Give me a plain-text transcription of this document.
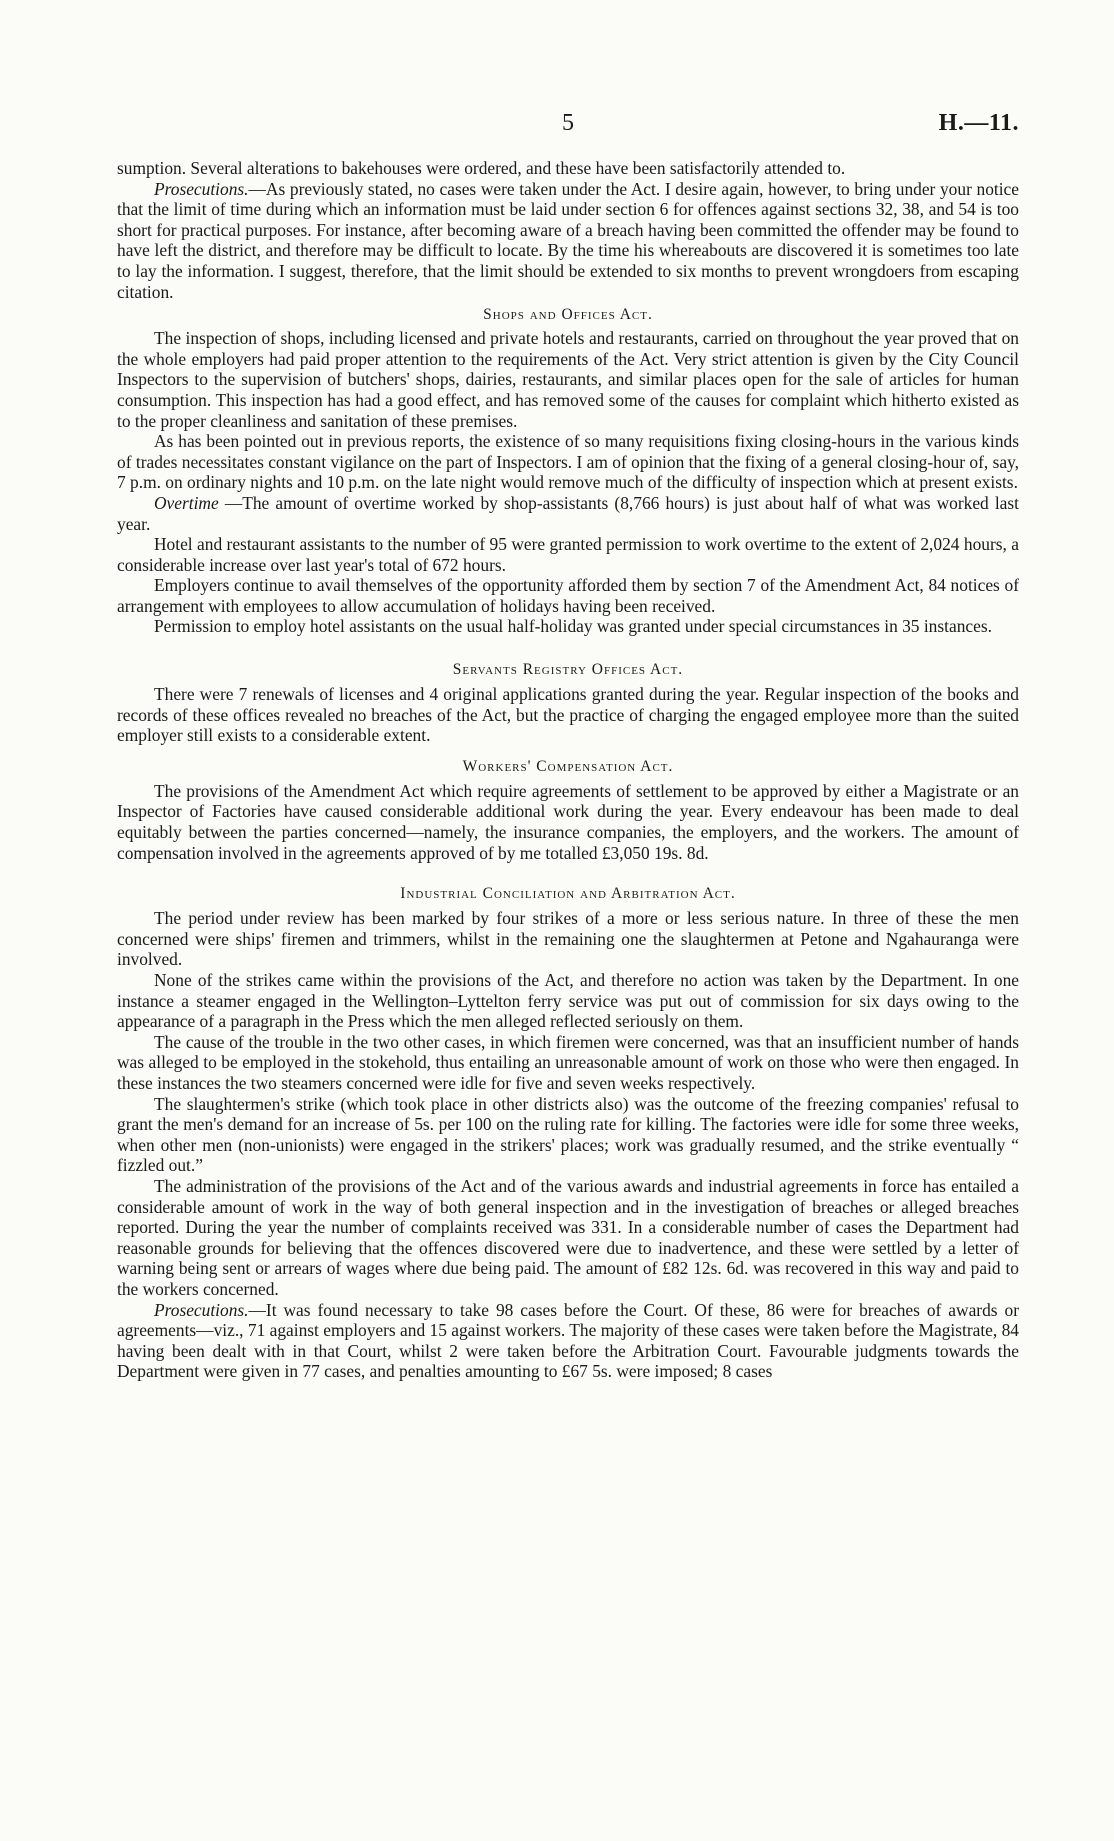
5	H.—11.

sumption. Several alterations to bakehouses were ordered, and these have been satisfactorily attended to.

Prosecutions.—As previously stated, no cases were taken under the Act. I desire again, however, to bring under your notice that the limit of time during which an information must be laid under section 6 for offences against sections 32, 38, and 54 is too short for practical purposes. For instance, after becoming aware of a breach having been committed the offender may be found to have left the district, and therefore may be difficult to locate. By the time his whereabouts are discovered it is sometimes too late to lay the information. I suggest, therefore, that the limit should be extended to six months to prevent wrongdoers from escaping citation.

Shops and Offices Act.

The inspection of shops, including licensed and private hotels and restaurants, carried on throughout the year proved that on the whole employers had paid proper attention to the requirements of the Act. Very strict attention is given by the City Council Inspectors to the supervision of butchers' shops, dairies, restaurants, and similar places open for the sale of articles for human consumption. This inspection has had a good effect, and has removed some of the causes for complaint which hitherto existed as to the proper cleanliness and sanitation of these premises.

As has been pointed out in previous reports, the existence of so many requisitions fixing closing-hours in the various kinds of trades necessitates constant vigilance on the part of Inspectors. I am of opinion that the fixing of a general closing-hour of, say, 7 p.m. on ordinary nights and 10 p.m. on the late night would remove much of the difficulty of inspection which at present exists.

Overtime —The amount of overtime worked by shop-assistants (8,766 hours) is just about half of what was worked last year.

Hotel and restaurant assistants to the number of 95 were granted permission to work overtime to the extent of 2,024 hours, a considerable increase over last year's total of 672 hours.

Employers continue to avail themselves of the opportunity afforded them by section 7 of the Amendment Act, 84 notices of arrangement with employees to allow accumulation of holidays having been received.

Permission to employ hotel assistants on the usual half-holiday was granted under special circumstances in 35 instances.

Servants Registry Offices Act.

There were 7 renewals of licenses and 4 original applications granted during the year. Regular inspection of the books and records of these offices revealed no breaches of the Act, but the practice of charging the engaged employee more than the suited employer still exists to a considerable extent.

Workers' Compensation Act.

The provisions of the Amendment Act which require agreements of settlement to be approved by either a Magistrate or an Inspector of Factories have caused considerable additional work during the year. Every endeavour has been made to deal equitably between the parties concerned—namely, the insurance companies, the employers, and the workers. The amount of compensation involved in the agreements approved of by me totalled £3,050 19s. 8d.

Industrial Conciliation and Arbitration Act.

The period under review has been marked by four strikes of a more or less serious nature. In three of these the men concerned were ships' firemen and trimmers, whilst in the remaining one the slaughtermen at Petone and Ngahauranga were involved.

None of the strikes came within the provisions of the Act, and therefore no action was taken by the Department. In one instance a steamer engaged in the Wellington–Lyttelton ferry service was put out of commission for six days owing to the appearance of a paragraph in the Press which the men alleged reflected seriously on them.

The cause of the trouble in the two other cases, in which firemen were concerned, was that an insufficient number of hands was alleged to be employed in the stokehold, thus entailing an unreasonable amount of work on those who were then engaged. In these instances the two steamers concerned were idle for five and seven weeks respectively.

The slaughtermen's strike (which took place in other districts also) was the outcome of the freezing companies' refusal to grant the men's demand for an increase of 5s. per 100 on the ruling rate for killing. The factories were idle for some three weeks, when other men (non-unionists) were engaged in the strikers' places; work was gradually resumed, and the strike eventually “ fizzled out.”

The administration of the provisions of the Act and of the various awards and industrial agreements in force has entailed a considerable amount of work in the way of both general inspection and in the investigation of breaches or alleged breaches reported. During the year the number of complaints received was 331. In a considerable number of cases the Department had reasonable grounds for believing that the offences discovered were due to inadvertence, and these were settled by a letter of warning being sent or arrears of wages where due being paid. The amount of £82 12s. 6d. was recovered in this way and paid to the workers concerned.

Prosecutions.—It was found necessary to take 98 cases before the Court. Of these, 86 were for breaches of awards or agreements—viz., 71 against employers and 15 against workers. The majority of these cases were taken before the Magistrate, 84 having been dealt with in that Court, whilst 2 were taken before the Arbitration Court. Favourable judgments towards the Department were given in 77 cases, and penalties amounting to £67 5s. were imposed; 8 cases
